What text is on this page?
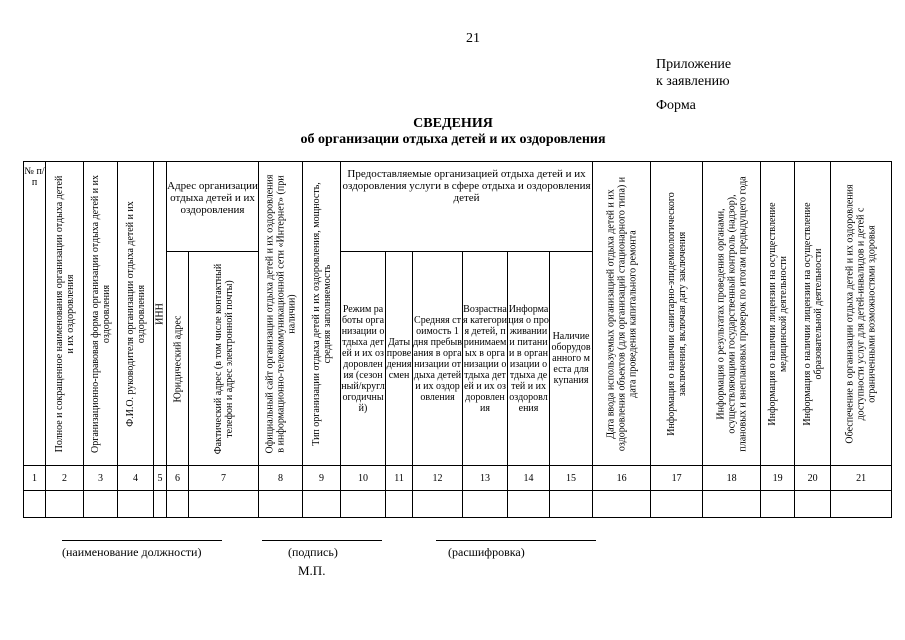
21
Приложение
к заявлению
Форма
СВЕДЕНИЯ
об организации отдыха детей и их оздоровления
№ п/п	Полное и сокращенное наименования организации отдыха детей и их оздоровления	Организационно-правовая форма организации отдыха детей и их оздоровления	Ф.И.О. руководителя организации отдыха детей и их оздоровления	ИНН	Адрес организации отдыха детей и их оздоровления		Официальный сайт организации отдыха детей и их оздоровления в информационно-телекоммуникационной сети «Интернет» (при наличии)	Тип организации отдыха детей и их оздоровления, мощность, средняя заполняемость	Предоставляемые организацией отдыха детей и их оздоровления услуги в сфере отдыха и оздоровления детей						Дата ввода используемых организацией отдыха детей и их оздоровления объектов (для организаций стационарного типа) и дата проведения капитального ремонта	Информация о наличии санитарно-эпидемиологического заключения, включая дату заключения	Информация о результатах проведения органами, осуществляющими государственный контроль (надзор), плановых и внеплановых проверок по итогам предыдущего года	Информация о наличии лицензии на осуществление медицинской деятельности	Информация о наличии лицензии на осуществление образовательной деятельности	Обеспечение в организации отдыха детей и их оздоровления доступности услуг для детей-инвалидов и детей с ограниченными возможностями здоровья

					Юридический адрес	Фактический адрес (в том числе контактный телефон и адрес электронной почты)			Режим работы организации отдыха детей и их оздоровления (сезонный/круглогодичный)	Даты проведения смен	Средняя стоимость 1 дня пребывания в организации отдыха детей и их оздоровления	Возрастная категория детей, принимаемых в организации отдыха детей и их оздоровления	Информация о проживании и питании в организации отдыха детей и их оздоровления	Наличие оборудованного места для купания						
1	2	3	4	5	6	7	8	9	10	11	12	13	14	15	16	17	18	19	20	21

(наименование должности)	(подпись)	(расшифровка)
М.П.
